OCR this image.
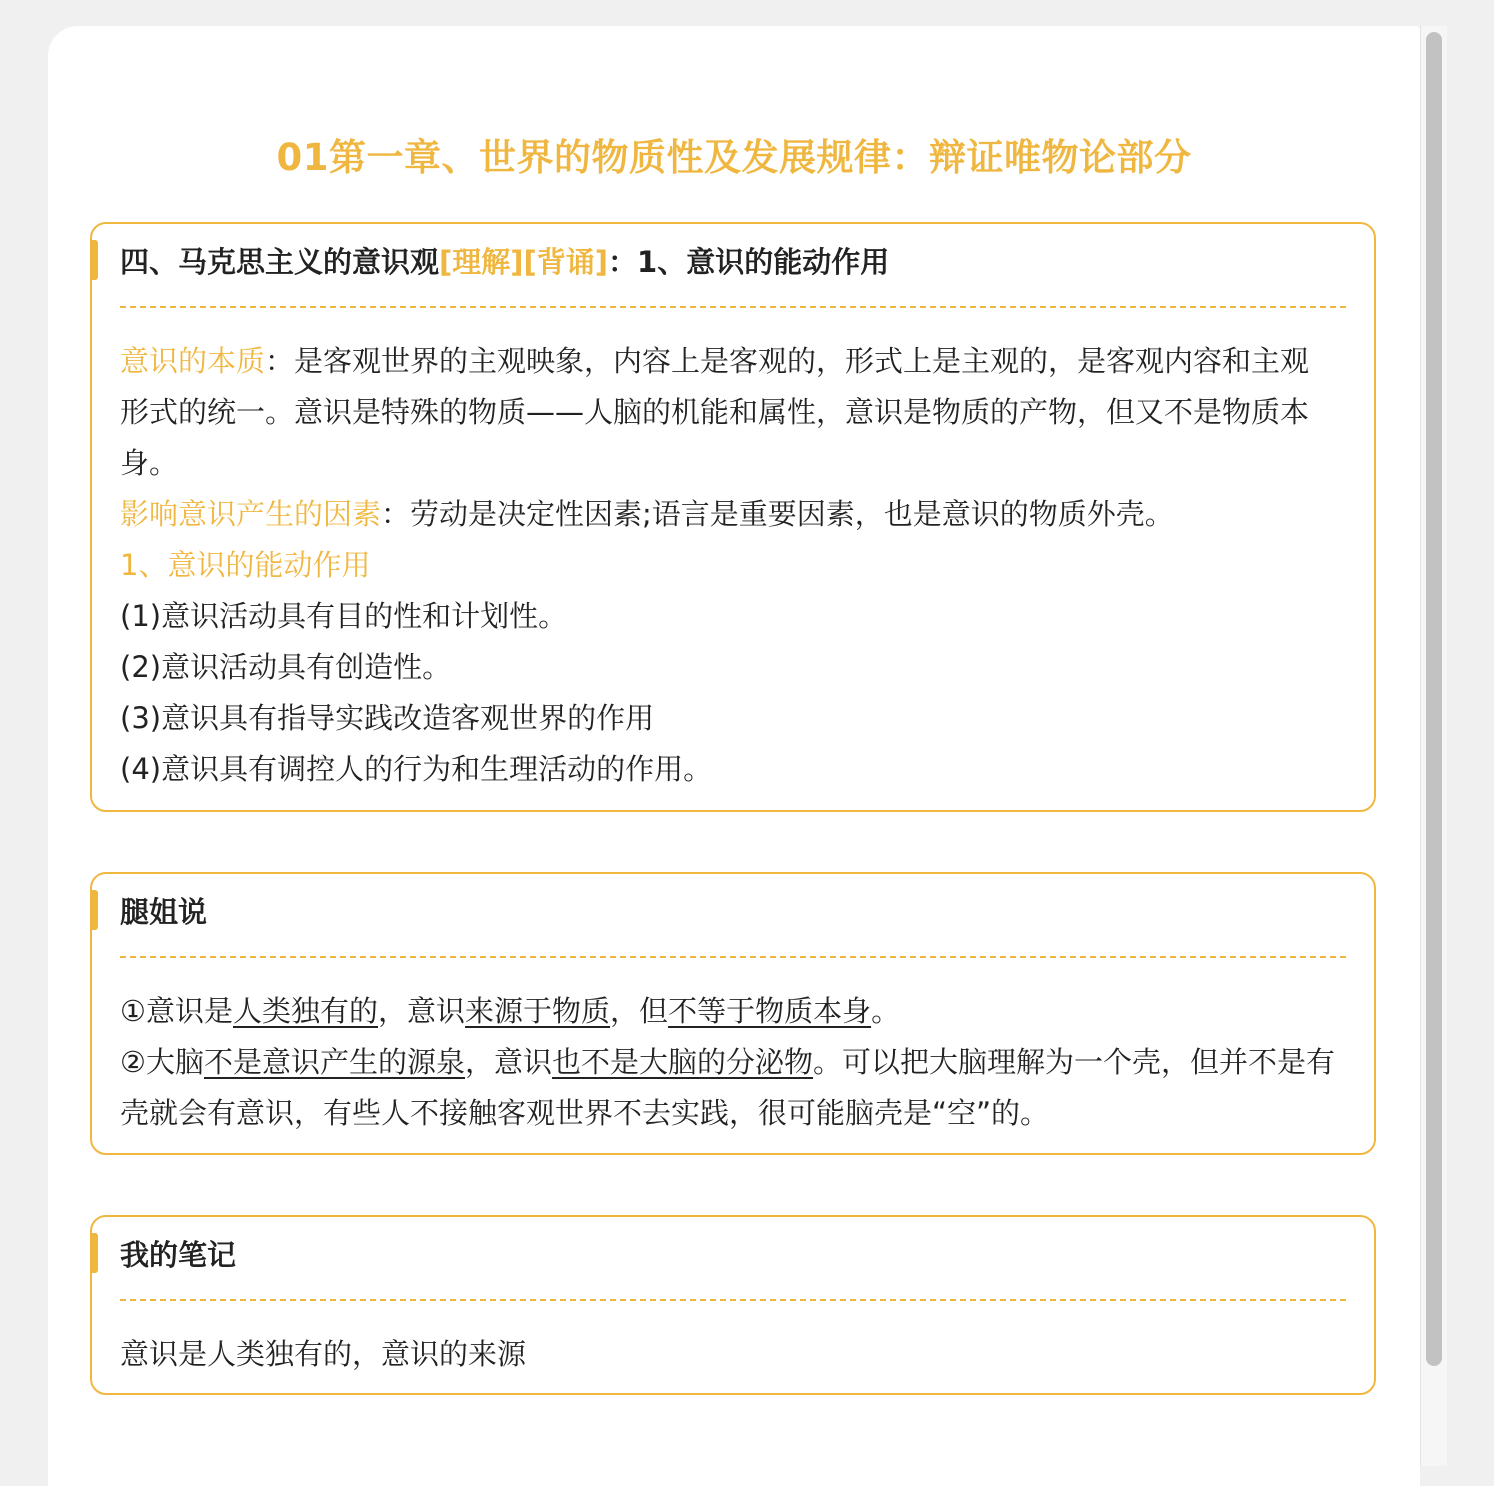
01第一章、世界的物质性及发展规律：辩证唯物论部分
四、马克思主义的意识观[理解][背诵]：1、意识的能动作用

意识的本质：是客观世界的主观映象，内容上是客观的，形式上是主观的，是客观内容和主观形式的统一。意识是特殊的物质——人脑的机能和属性，意识是物质的产物，但又不是物质本身。

影响意识产生的因素：劳动是决定性因素;语言是重要因素，也是意识的物质外壳。

1、意识的能动作用

(1)意识活动具有目的性和计划性。

(2)意识活动具有创造性。

(3)意识具有指导实践改造客观世界的作用

(4)意识具有调控人的行为和生理活动的作用。

腿姐说

①意识是人类独有的，意识来源于物质，但不等于物质本身。

②大脑不是意识产生的源泉，意识也不是大脑的分泌物。可以把大脑理解为一个壳，但并不是有壳就会有意识，有些人不接触客观世界不去实践，很可能脑壳是“空”的。

我的笔记

意识是人类独有的，意识的来源
